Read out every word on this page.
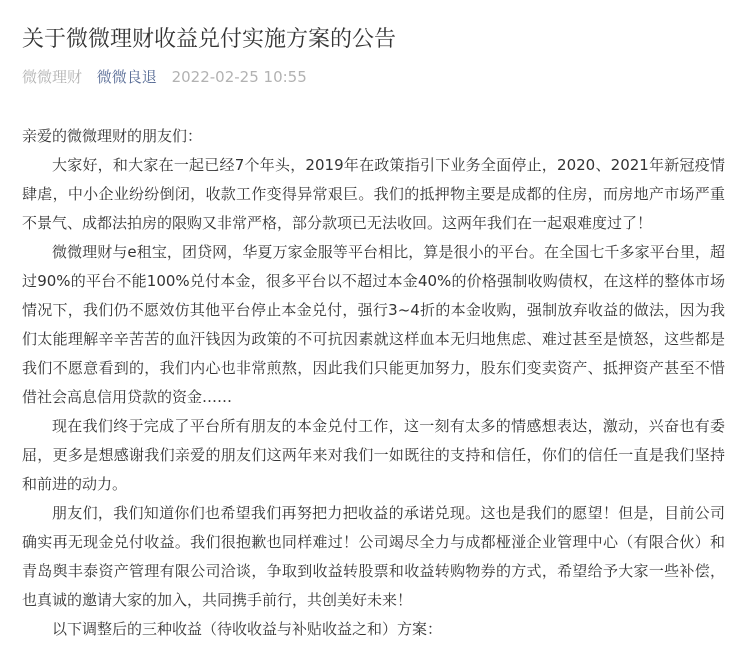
关于微微理财收益兑付实施方案的公告
微微理财 微微良退 2022-02-25 10:55

亲爱的微微理财的朋友们：

大家好，和大家在一起已经7个年头，2019年在政策指引下业务全面停止，2020、2021年新冠疫情肆虐，中小企业纷纷倒闭，收款工作变得异常艰巨。我们的抵押物主要是成都的住房，而房地产市场严重不景气、成都法拍房的限购又非常严格，部分款项已无法收回。这两年我们在一起艰难度过了！

微微理财与e租宝，团贷网，华夏万家金服等平台相比，算是很小的平台。在全国七千多家平台里，超过90%的平台不能100%兑付本金，很多平台以不超过本金40%的价格强制收购债权，在这样的整体市场情况下，我们仍不愿效仿其他平台停止本金兑付，强行3~4折的本金收购，强制放弃收益的做法，因为我们太能理解辛辛苦苦的血汗钱因为政策的不可抗因素就这样血本无归地焦虑、难过甚至是愤怒，这些都是我们不愿意看到的，我们内心也非常煎熬，因此我们只能更加努力，股东们变卖资产、抵押资产甚至不惜借社会高息信用贷款的资金……

现在我们终于完成了平台所有朋友的本金兑付工作，这一刻有太多的情感想表达，激动，兴奋也有委屈，更多是想感谢我们亲爱的朋友们这两年来对我们一如既往的支持和信任，你们的信任一直是我们坚持和前进的动力。

朋友们，我们知道你们也希望我们再努把力把收益的承诺兑现。这也是我们的愿望！但是，目前公司确实再无现金兑付收益。我们很抱歉也同样难过！公司竭尽全力与成都桠湴企业管理中心（有限合伙）和青岛舆丰泰资产管理有限公司洽谈，争取到收益转股票和收益转购物券的方式，希望给予大家一些补偿，也真诚的邀请大家的加入，共同携手前行，共创美好未来！

以下调整后的三种收益（待收收益与补贴收益之和）方案：
